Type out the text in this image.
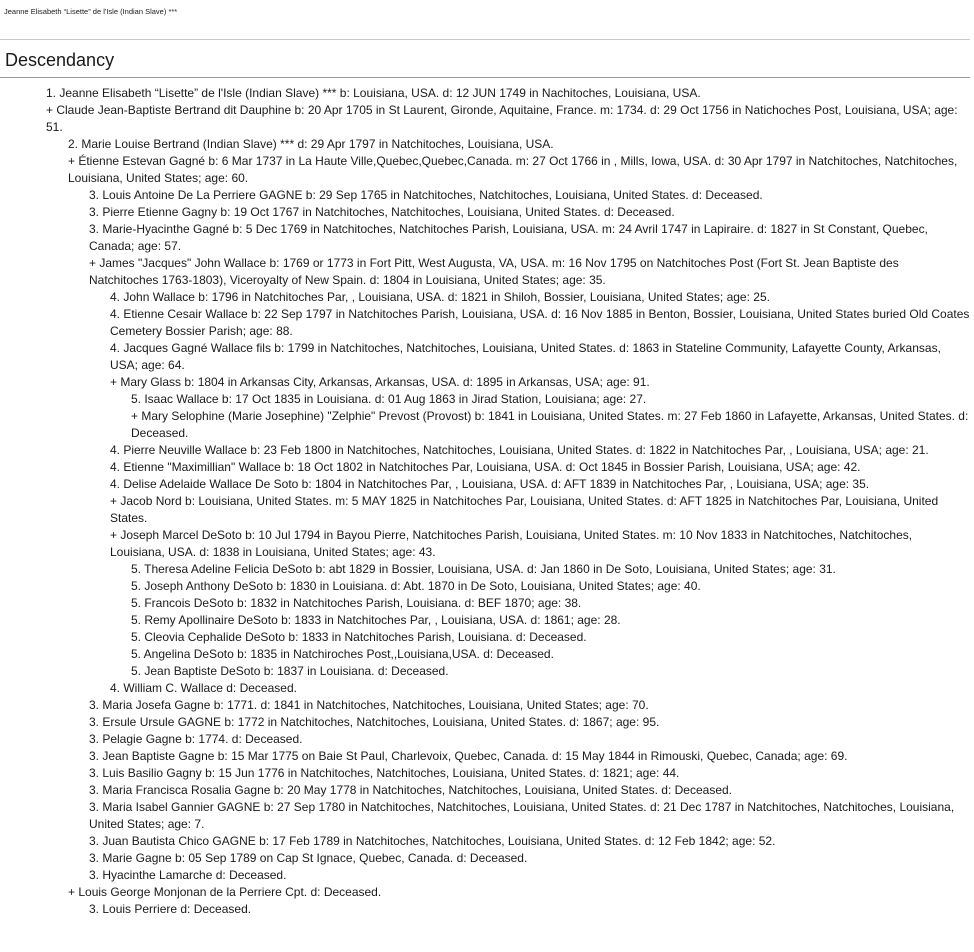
Jeanne Elisabeth “Lisette” de l'Isle (Indian Slave) ***
Descendancy
1. Jeanne Elisabeth “Lisette” de l'Isle (Indian Slave) *** b: Louisiana, USA. d: 12 JUN 1749 in Nachitoches, Louisiana, USA.
+ Claude Jean-Baptiste Bertrand dit Dauphine b: 20 Apr 1705 in St Laurent, Gironde, Aquitaine, France. m: 1734. d: 29 Oct 1756 in Natichoches Post, Louisiana, USA; age: 51.
2. Marie Louise Bertrand (Indian Slave) *** d: 29 Apr 1797 in Natchitoches, Louisiana, USA.
+ Étienne Estevan Gagné b: 6 Mar 1737 in La Haute Ville,Quebec,Quebec,Canada. m: 27 Oct 1766 in , Mills, Iowa, USA. d: 30 Apr 1797 in Natchitoches, Natchitoches, Louisiana, United States; age: 60.
3. Louis Antoine De La Perriere GAGNE b: 29 Sep 1765 in Natchitoches, Natchitoches, Louisiana, United States. d: Deceased.
3. Pierre Etienne Gagny b: 19 Oct 1767 in Natchitoches, Natchitoches, Louisiana, United States. d: Deceased.
3. Marie-Hyacinthe Gagné b: 5 Dec 1769 in Natchitoches, Natchitoches Parish, Louisiana, USA. m: 24 Avril 1747 in Lapiraire. d: 1827 in St Constant, Quebec, Canada; age: 57.
+ James "Jacques" John Wallace b: 1769 or 1773 in Fort Pitt, West Augusta, VA, USA. m: 16 Nov 1795 on Natchitoches Post (Fort St. Jean Baptiste des Natchitoches 1763-1803), Viceroyalty of New Spain. d: 1804 in Louisiana, United States; age: 35.
4. John Wallace b: 1796 in Natchitoches Par, , Louisiana, USA. d: 1821 in Shiloh, Bossier, Louisiana, United States; age: 25.
4. Etienne Cesair Wallace b: 22 Sep 1797 in Natchitoches Parish, Louisiana, USA. d: 16 Nov 1885 in Benton, Bossier, Louisiana, United States buried Old Coates Cemetery Bossier Parish; age: 88.
4. Jacques Gagné Wallace fils b: 1799 in Natchitoches, Natchitoches, Louisiana, United States. d: 1863 in Stateline Community, Lafayette County, Arkansas, USA; age: 64.
+ Mary Glass b: 1804 in Arkansas City, Arkansas, Arkansas, USA. d: 1895 in Arkansas, USA; age: 91.
5. Isaac Wallace b: 17 Oct 1835 in Louisiana. d: 01 Aug 1863 in Jirad Station, Louisiana; age: 27.
+ Mary Selophine (Marie Josephine) "Zelphie" Prevost (Provost) b: 1841 in Louisiana, United States. m: 27 Feb 1860 in Lafayette, Arkansas, United States. d: Deceased.
4. Pierre Neuville Wallace b: 23 Feb 1800 in Natchitoches, Natchitoches, Louisiana, United States. d: 1822 in Natchitoches Par, , Louisiana, USA; age: 21.
4. Etienne "Maximillian" Wallace b: 18 Oct 1802 in Natchitoches Par, Louisiana, USA. d: Oct 1845 in Bossier Parish, Louisiana, USA; age: 42.
4. Delise Adelaide Wallace De Soto b: 1804 in Natchitoches Par, , Louisiana, USA. d: AFT 1839 in Natchitoches Par, , Louisiana, USA; age: 35.
+ Jacob Nord b: Louisiana, United States. m: 5 MAY 1825 in Natchitoches Par, Louisiana, United States. d: AFT 1825 in Natchitoches Par, Louisiana, United States.
+ Joseph Marcel DeSoto b: 10 Jul 1794 in Bayou Pierre, Natchitoches Parish, Louisiana, United States. m: 10 Nov 1833 in Natchitoches, Natchitoches, Louisiana, USA. d: 1838 in Louisiana, United States; age: 43.
5. Theresa Adeline Felicia DeSoto b: abt 1829 in Bossier, Louisiana, USA. d: Jan 1860 in De Soto, Louisiana, United States; age: 31.
5. Joseph Anthony DeSoto b: 1830 in Louisiana. d: Abt. 1870 in De Soto, Louisiana, United States; age: 40.
5. Francois DeSoto b: 1832 in Natchitoches Parish, Louisiana. d: BEF 1870; age: 38.
5. Remy Apollinaire DeSoto b: 1833 in Natchitoches Par, , Louisiana, USA. d: 1861; age: 28.
5. Cleovia Cephalide DeSoto b: 1833 in Natchitoches Parish, Louisiana. d: Deceased.
5. Angelina DeSoto b: 1835 in Natchiroches Post,,Louisiana,USA. d: Deceased.
5. Jean Baptiste DeSoto b: 1837 in Louisiana. d: Deceased.
4. William C. Wallace d: Deceased.
3. Maria Josefa Gagne b: 1771. d: 1841 in Natchitoches, Natchitoches, Louisiana, United States; age: 70.
3. Ersule Ursule GAGNE b: 1772 in Natchitoches, Natchitoches, Louisiana, United States. d: 1867; age: 95.
3. Pelagie Gagne b: 1774. d: Deceased.
3. Jean Baptiste Gagne b: 15 Mar 1775 on Baie St Paul, Charlevoix, Quebec, Canada. d: 15 May 1844 in Rimouski, Quebec, Canada; age: 69.
3. Luis Basilio Gagny b: 15 Jun 1776 in Natchitoches, Natchitoches, Louisiana, United States. d: 1821; age: 44.
3. Maria Francisca Rosalia Gagne b: 20 May 1778 in Natchitoches, Natchitoches, Louisiana, United States. d: Deceased.
3. Maria Isabel Gannier GAGNE b: 27 Sep 1780 in Natchitoches, Natchitoches, Louisiana, United States. d: 21 Dec 1787 in Natchitoches, Natchitoches, Louisiana, United States; age: 7.
3. Juan Bautista Chico GAGNE b: 17 Feb 1789 in Natchitoches, Natchitoches, Louisiana, United States. d: 12 Feb 1842; age: 52.
3. Marie Gagne b: 05 Sep 1789 on Cap St Ignace, Quebec, Canada. d: Deceased.
3. Hyacinthe Lamarche d: Deceased.
+ Louis George Monjonan de la Perriere Cpt. d: Deceased.
3. Louis Perriere d: Deceased.
